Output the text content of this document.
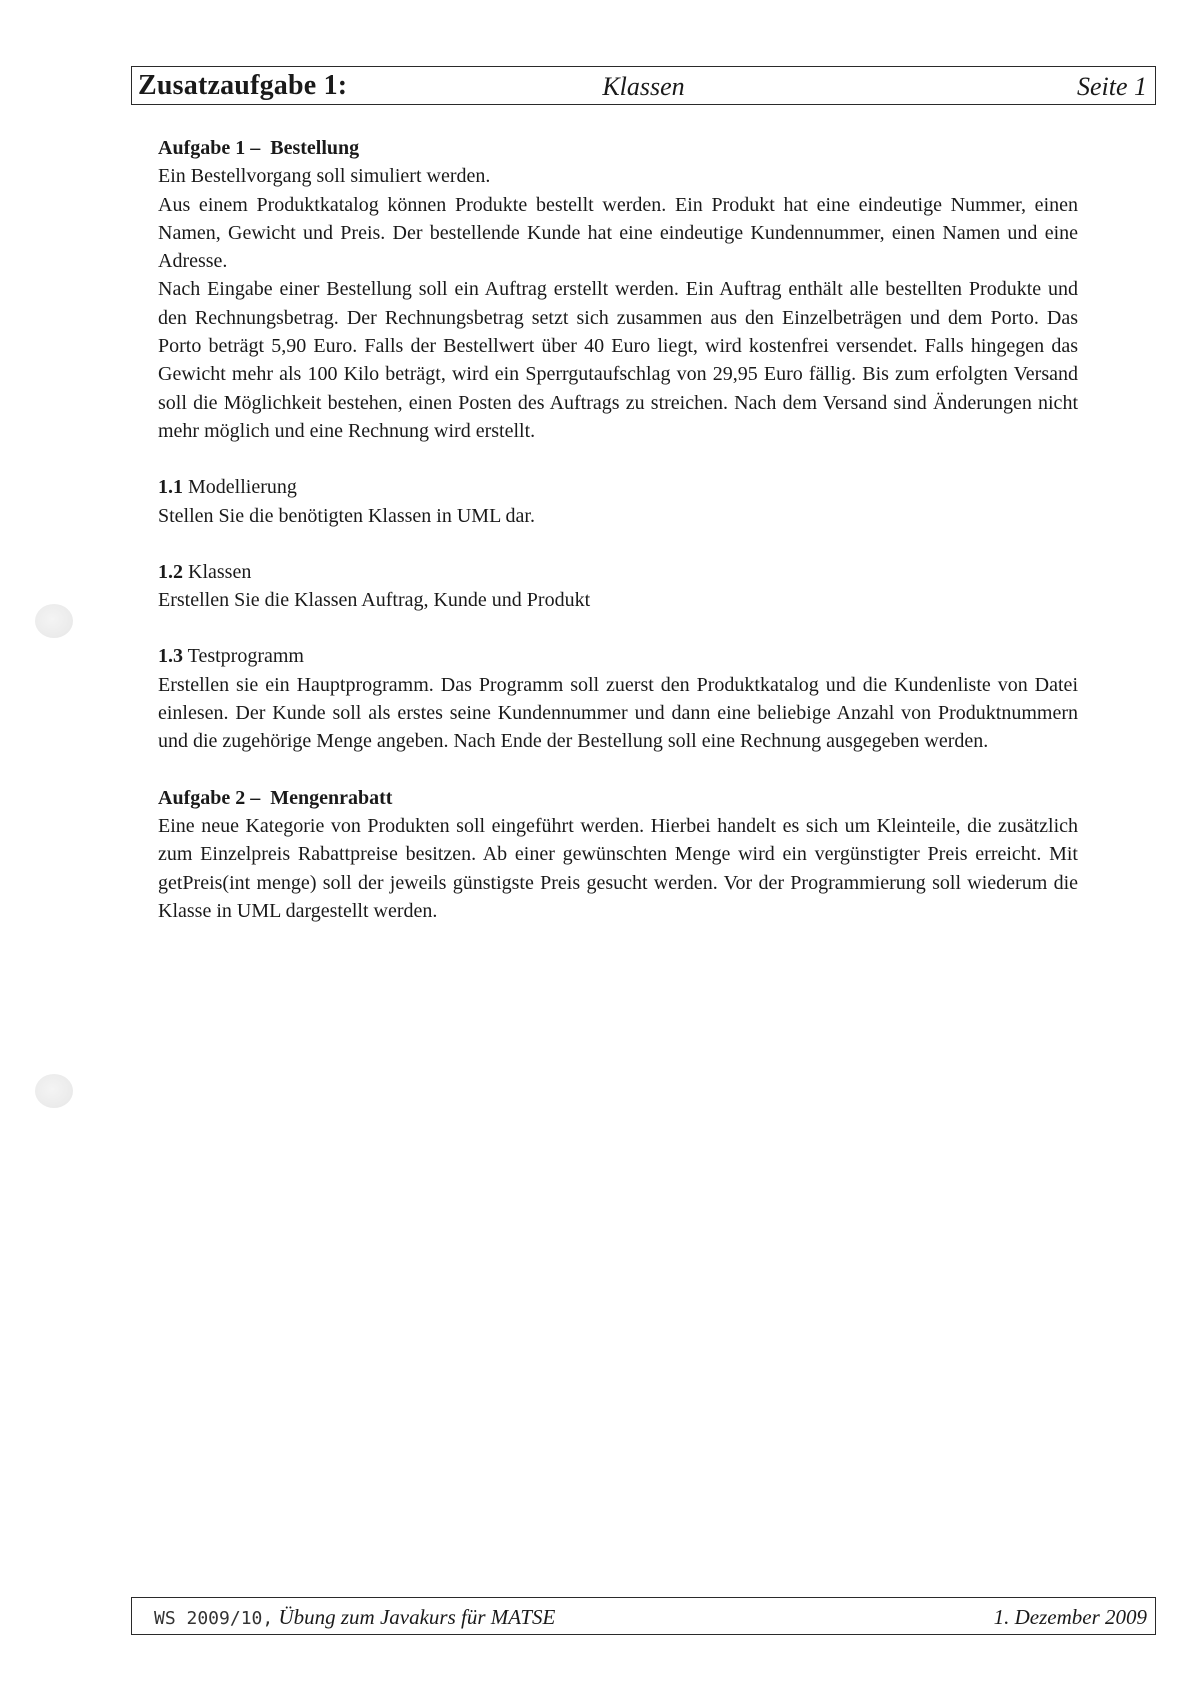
Zusatzaufgabe 1:	Klassen	Seite 1

Aufgabe 1 – Bestellung

Ein Bestellvorgang soll simuliert werden.

Aus einem Produktkatalog können Produkte bestellt werden. Ein Produkt hat eine eindeutige Nummer, einen Namen, Gewicht und Preis. Der bestellende Kunde hat eine eindeutige Kundennummer, einen Namen und eine Adresse.

Nach Eingabe einer Bestellung soll ein Auftrag erstellt werden. Ein Auftrag enthält alle bestellten Produkte und den Rechnungsbetrag. Der Rechnungsbetrag setzt sich zusammen aus den Einzelbeträgen und dem Porto. Das Porto beträgt 5,90 Euro. Falls der Bestellwert über 40 Euro liegt, wird kostenfrei versendet. Falls hingegen das Gewicht mehr als 100 Kilo beträgt, wird ein Sperrgutaufschlag von 29,95 Euro fällig. Bis zum erfolgten Versand soll die Möglichkeit bestehen, einen Posten des Auftrags zu streichen. Nach dem Versand sind Änderungen nicht mehr möglich und eine Rechnung wird erstellt.

1.1 Modellierung

Stellen Sie die benötigten Klassen in UML dar.

1.2 Klassen

Erstellen Sie die Klassen Auftrag, Kunde und Produkt

1.3 Testprogramm

Erstellen sie ein Hauptprogramm. Das Programm soll zuerst den Produktkatalog und die Kundenliste von Datei einlesen. Der Kunde soll als erstes seine Kundennummer und dann eine beliebige Anzahl von Produktnummern und die zugehörige Menge angeben. Nach Ende der Bestellung soll eine Rechnung ausgegeben werden.

Aufgabe 2 – Mengenrabatt

Eine neue Kategorie von Produkten soll eingeführt werden. Hierbei handelt es sich um Kleinteile, die zusätzlich zum Einzelpreis Rabattpreise besitzen. Ab einer gewünschten Menge wird ein vergünstigter Preis erreicht. Mit getPreis(int menge) soll der jeweils günstigste Preis gesucht werden. Vor der Programmierung soll wiederum die Klasse in UML dargestellt werden.

WS 2009/10, Übung zum Javakurs für MATSE	1. Dezember 2009
